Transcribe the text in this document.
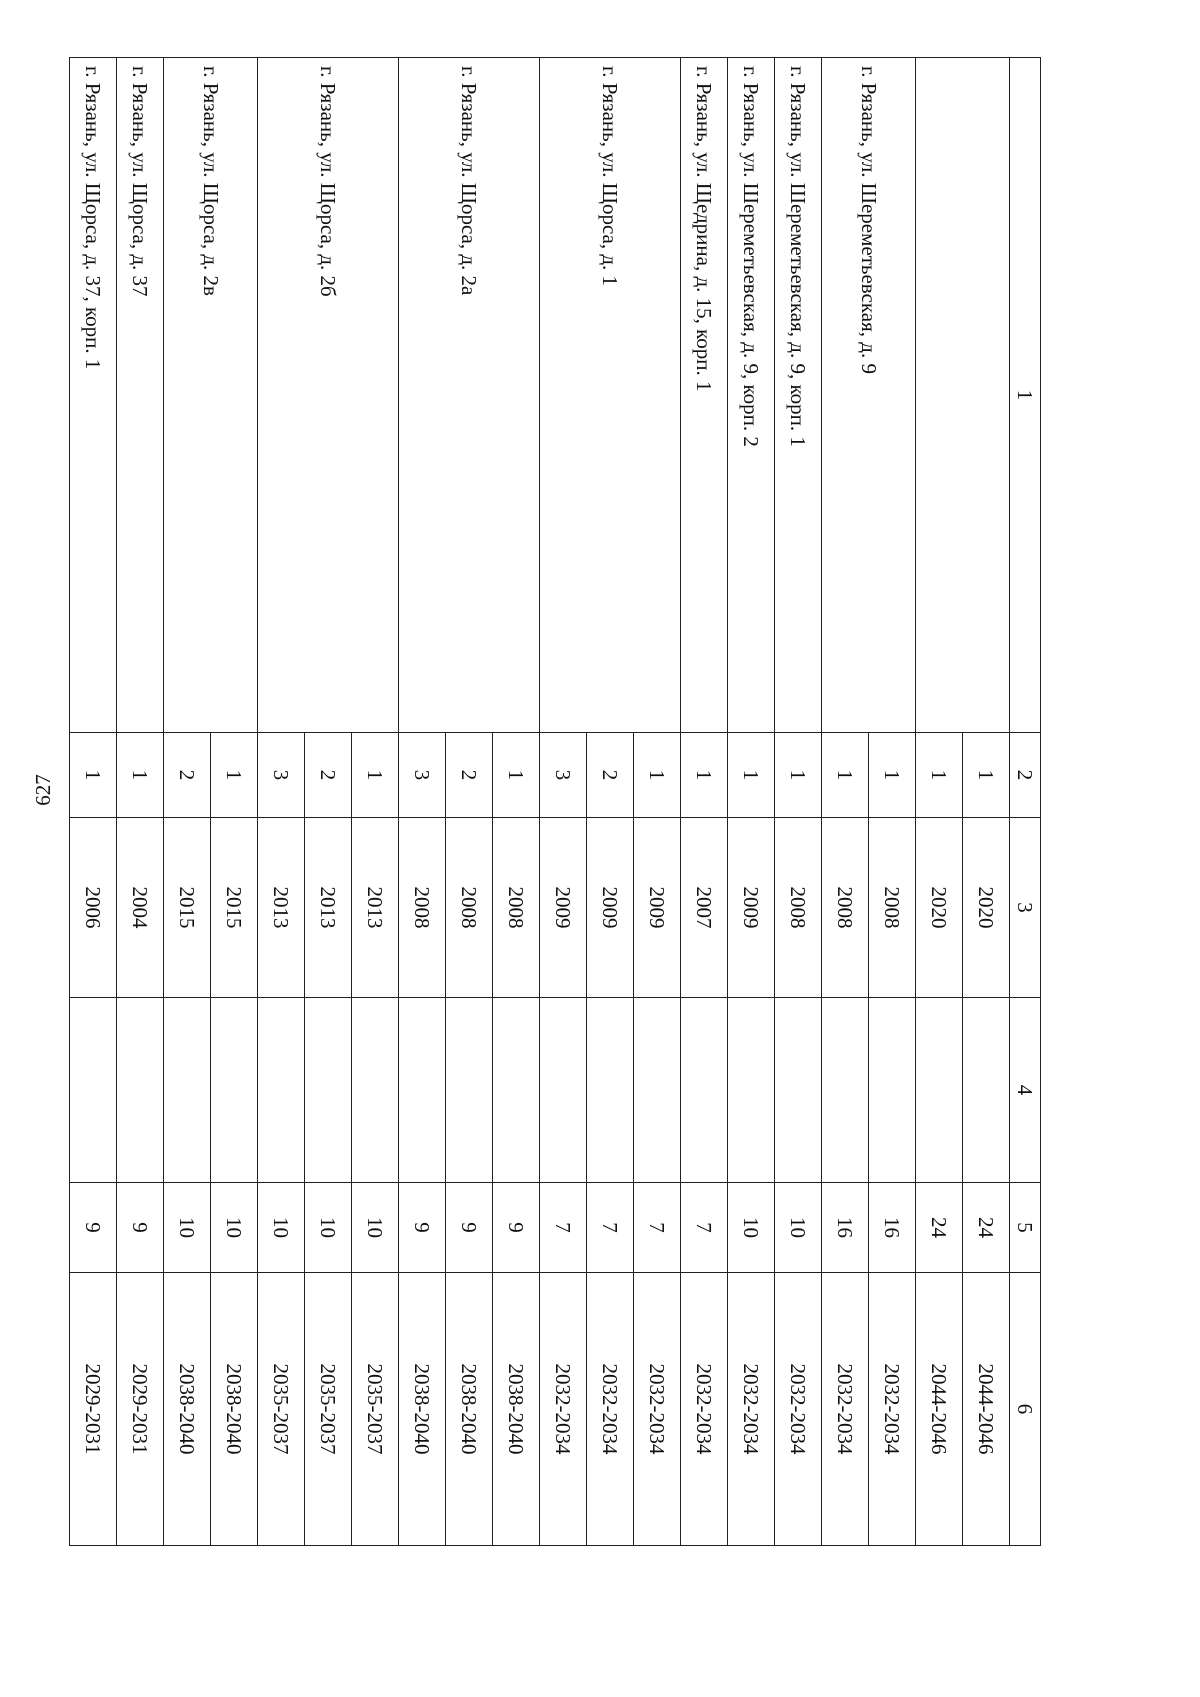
627
1	2	3	4	5	6
	1	2020		24	2044-2046
	1	2020		24	2044-2046
г. Рязань, ул. Шереметьевская, д. 9	1	2008		16	2032-2034
	1	2008		16	2032-2034
г. Рязань, ул. Шереметьевская, д. 9, корп. 1	1	2008		10	2032-2034
г. Рязань, ул. Шереметьевская, д. 9, корп. 2	1	2009		10	2032-2034
г. Рязань, ул. Щедрина, д. 15, корп. 1	1	2007		7	2032-2034
г. Рязань, ул. Щорса, д. 1	1	2009		7	2032-2034
	2	2009		7	2032-2034
	3	2009		7	2032-2034
г. Рязань, ул. Щорса, д. 2а	1	2008		9	2038-2040
	2	2008		9	2038-2040
	3	2008		9	2038-2040
г. Рязань, ул. Щорса, д. 2б	1	2013		10	2035-2037
	2	2013		10	2035-2037
	3	2013		10	2035-2037
г. Рязань, ул. Щорса, д. 2в	1	2015		10	2038-2040
	2	2015		10	2038-2040
г. Рязань, ул. Щорса, д. 37	1	2004		9	2029-2031
г. Рязань, ул. Щорса, д. 37, корп. 1	1	2006		9	2029-2031
